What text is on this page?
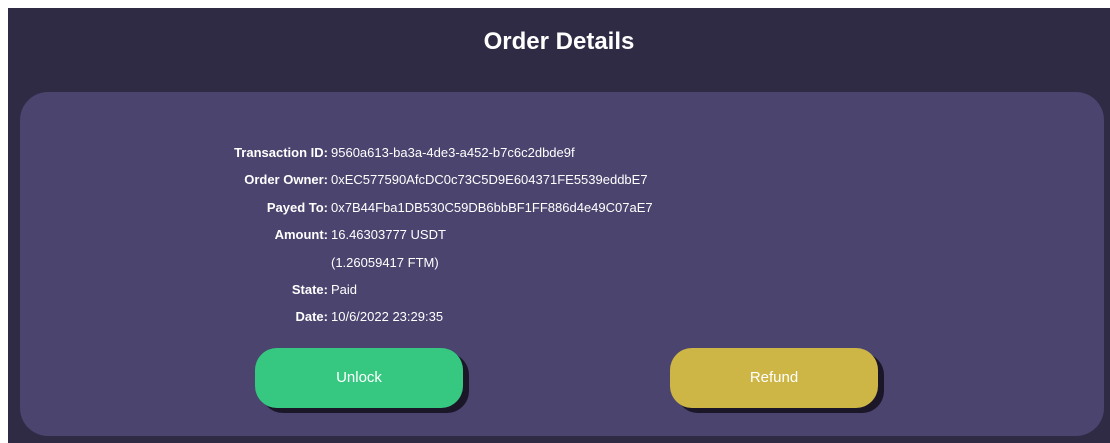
Order Details
Transaction ID: 9560a613-ba3a-4de3-a452-b7c6c2dbde9f
Order Owner: 0xEC577590AfcDC0c73C5D9E604371FE5539eddbE7
Payed To: 0x7B44Fba1DB530C59DB6bbBF1FF886d4e49C07aE7
Amount: 16.46303777 USDT
(1.26059417 FTM)
State: Paid
Date: 10/6/2022 23:29:35
Unlock	Refund
